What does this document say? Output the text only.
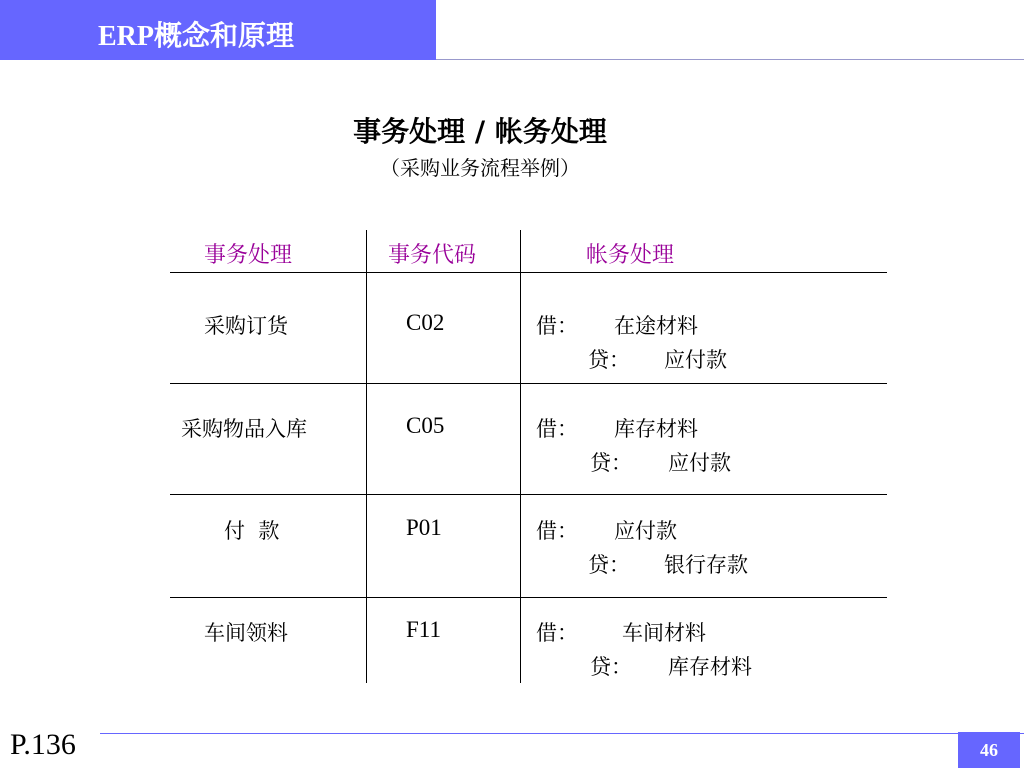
ERP概念和原理
事务处理 / 帐务处理
（采购业务流程举例）
事务处理	事务代码	帐务处理
采购订货	C02	借： 在途材料
贷： 应付款
采购物品入库	C05	借： 库存材料
贷： 应付款
付  款	P01	借： 应付款
贷： 银行存款
车间领料	F11	借： 车间材料
贷： 库存材料
P.136	46
